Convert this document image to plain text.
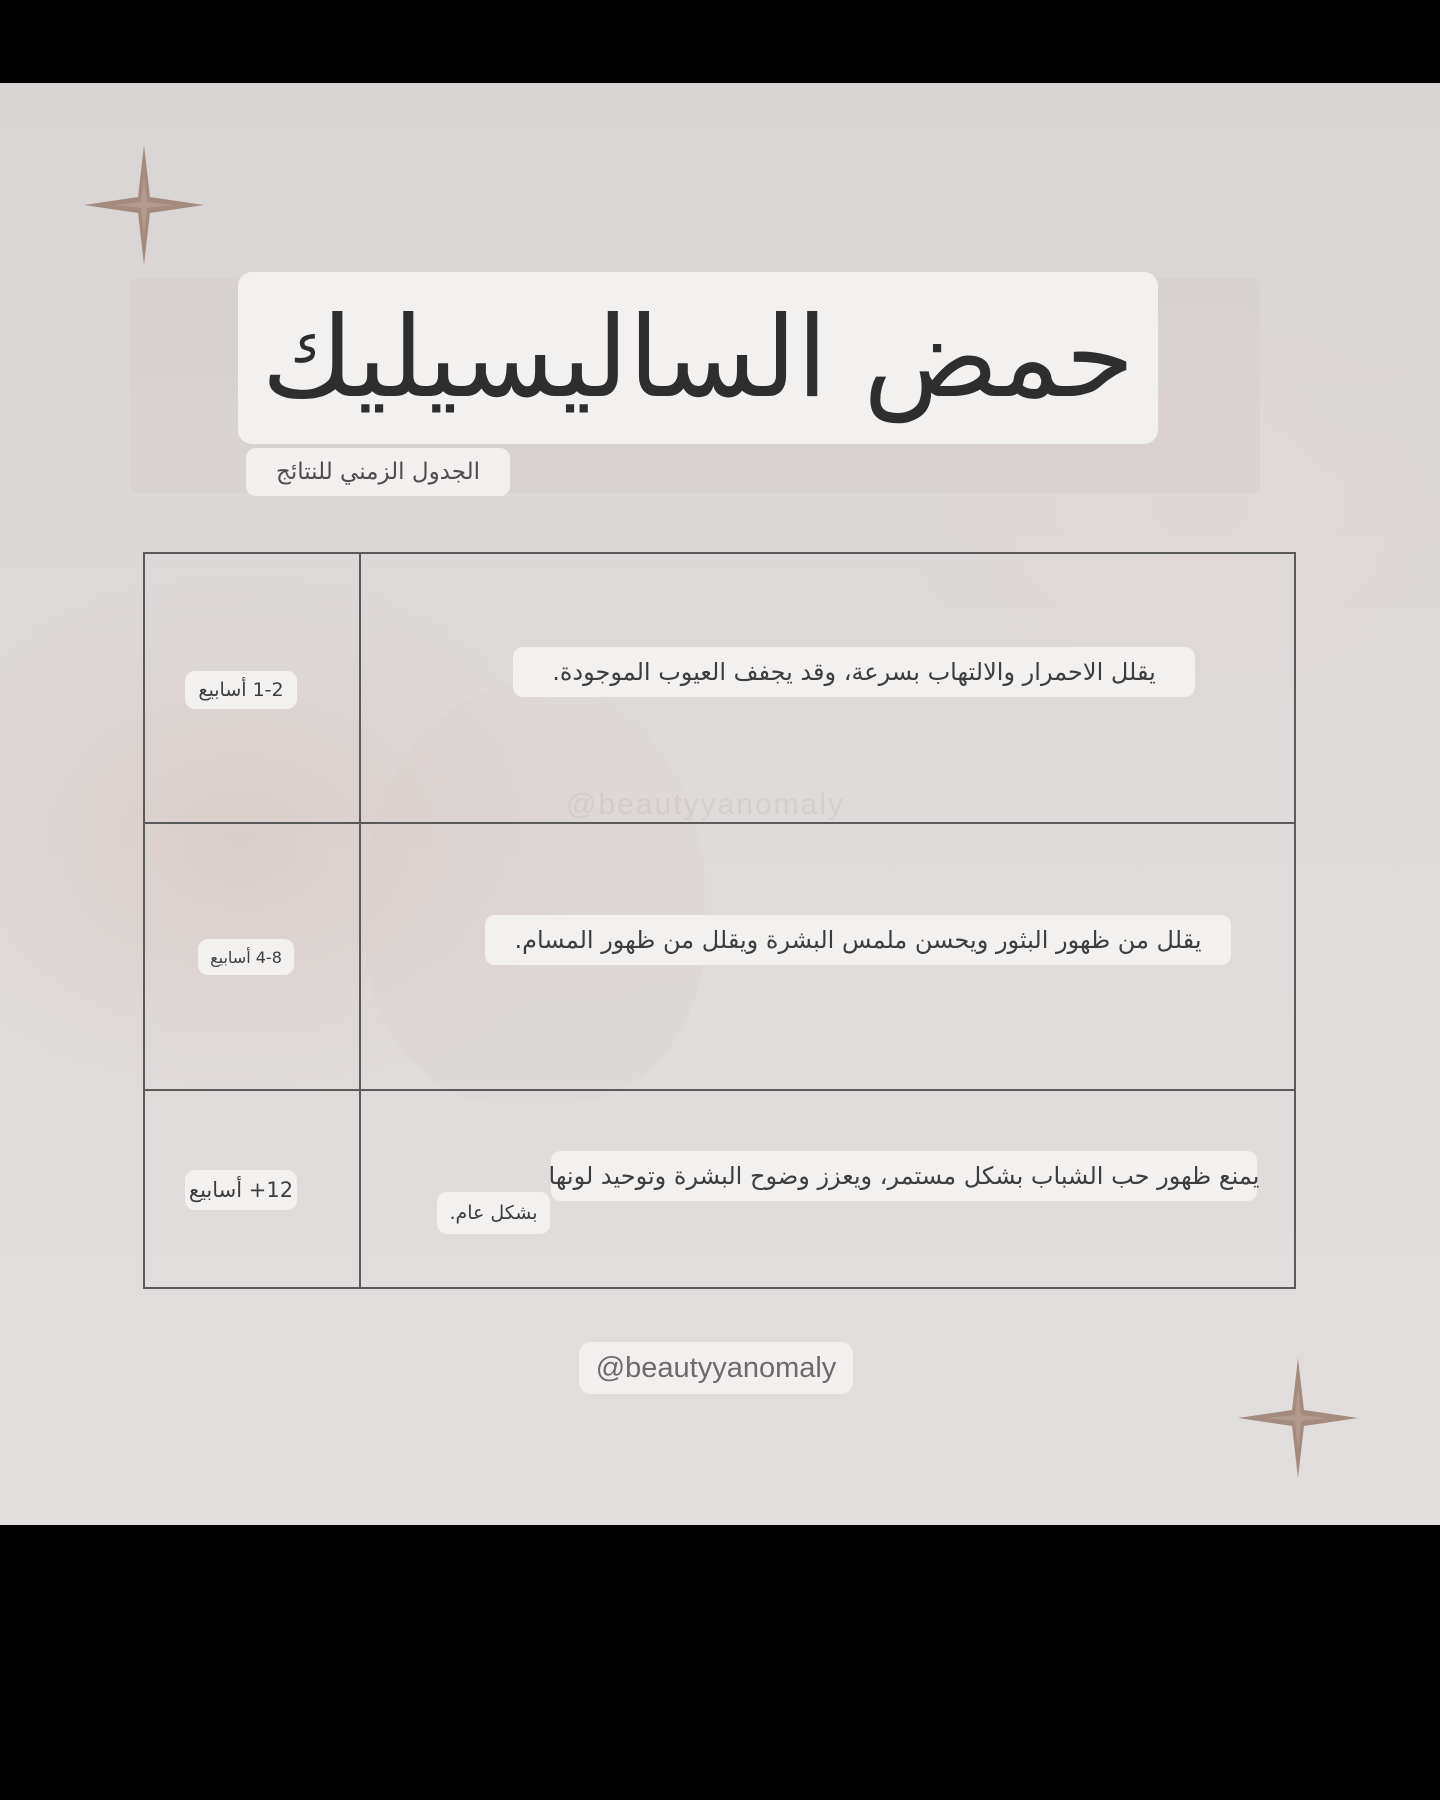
حمض الساليسيليك
الجدول الزمني للنتائج
@beautyyanomaly
1-2 أسابيع
يقلل الاحمرار والالتهاب بسرعة، وقد يجفف العيوب الموجودة.
4-8 أسابيع
يقلل من ظهور البثور ويحسن ملمس البشرة ويقلل من ظهور المسام.
12+ أسابيع	يمنع ظهور حب الشباب بشكل مستمر، ويعزز وضوح البشرة وتوحيد لونها
بشكل عام.
@beautyyanomaly
